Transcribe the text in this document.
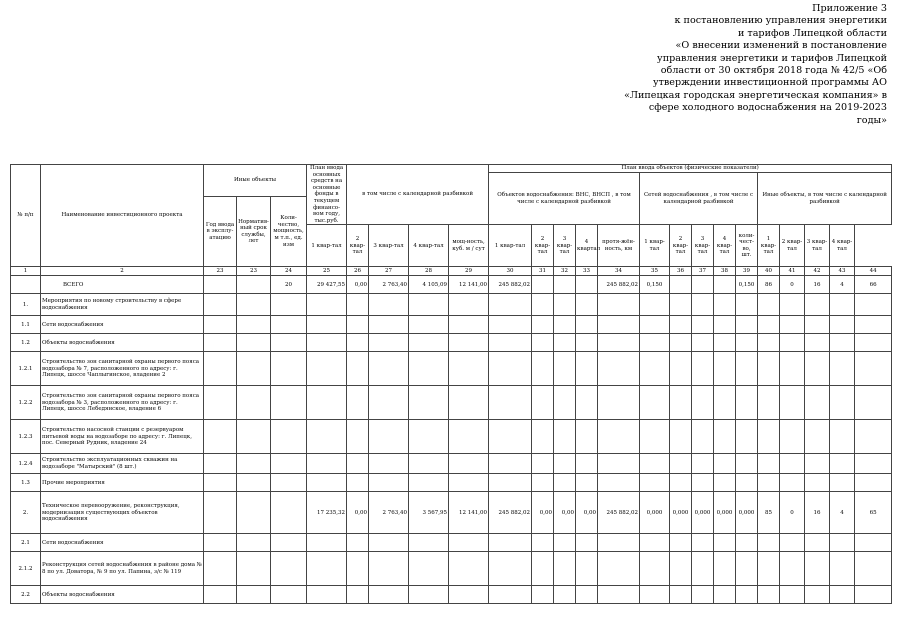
Приложение 3
к постановлению управления энергетики
и тарифов Липецкой области
«О внесении изменений в постановление
управления энергетики и тарифов Липецкой
области от 30 октября 2018 года № 42/5 «Об
утверждении инвестиционной программы АО
«Липецкая городская энергетическая компания» в
сфере холодного водоснабжения на 2019-2023
годы»
№ п/п	Наименование инвестиционного проекта	Иные объекты			План ввода основных средств на основные фонды в текущем финансо-вом году, тыс.руб.	в том числе с календарной разбивкой				План ввода объектов (физические показатели)														
										Объектов водоснабжения: ВНС, ВНСП , в том числе с календарной разбивкой					Сетей водоснабжения , в том числе с календарной разбивкой					Иные объекты, в том числе с календарной разбивкой				
		Год ввода в эксплу-атацию	Норматив-ный срок службы, лет	Коли-чество, мощность, м т.п., ед. изм																				
					1 квар-тал	2 квар-тал	3 квар-тал	4 квар-тал	мощ-ность, куб. м / сут	1 квар-тал	2 квар-тал	3 квар-тал	4 квартал	протя-жён-ность, км	1 квар-тал	2 квар-тал	3 квар-тал	4 квар-тал	коли-чест-во, шт.	1 квар-тал	2 квар-тал	3 квар-тал	4 квар-тал	
1	2	23	23	24	25	26	27	28	29	30	31	32	33	34	35	36	37	38	39	40	41	42	43	44
	ВСЕГО			20	29 427,55	0,00	2 763,40	4 105,09	12 141,00	245 882,02				245 882,02	0,150				0,150	86	0	16	4	66
1.	Мероприятия по новому строительству в сфере водоснабжения																							
1.1	Сети водоснабжения																							
1.2	Объекты водоснабжения																							
1.2.1	Строительство зон санитарной охраны первого пояса водозабора № 7, расположенного по адресу: г. Липецк, шоссе Чаплыгинское, владение 2																							
1.2.2	Строительство зон санитарной охраны первого пояса водозабора № 3, расположенного по адресу: г. Липецк, шоссе Лебедянское, владение 6																							
1.2.3	Строительство насосной станции с резервуаром питьевой воды на водозаборе по адресу: г. Липецк, пос. Северный Рудник, владение 24																							
1.2.4	Строительство эксплуатационных скважин на водозаборе "Матырский" (8 шт.)																							
1.3	Прочие мероприятия																							
2.	Техническое перевооружение, реконструкция, модернизация существующих объектов водоснабжения				17 235,32	0,00	2 763,40	3 567,95	12 141,00	245 882,02	0,00	0,00	0,00	245 882,02	0,000	0,000	0,000	0,000	0,000	85	0	16	4	65
2.1	Сети водоснабжения																							
2.1.2	Реконструкция сетей водоснабжения в районе дома № 8 по ул. Доватора, № 9 по ул. Папина, з/с № 119																							
2.2	Объекты водоснабжения																							
